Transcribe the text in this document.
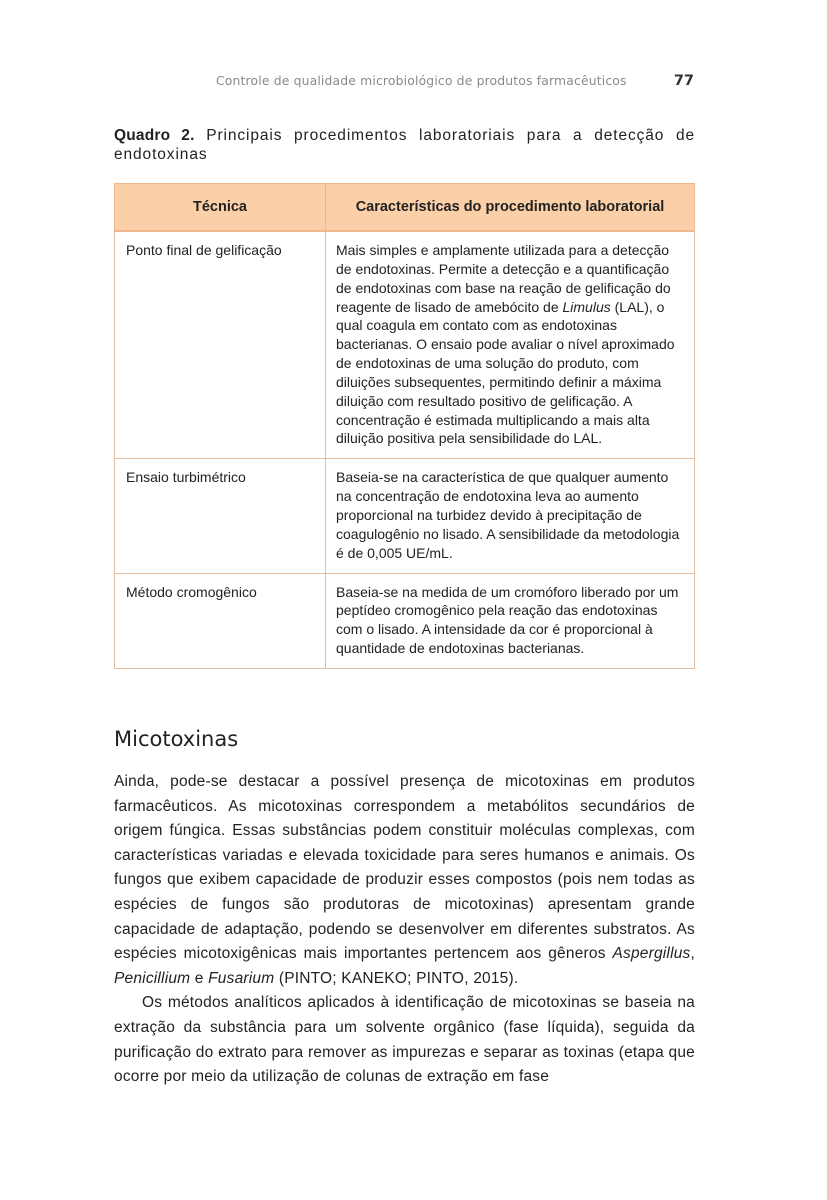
Controle de qualidade microbiológico de produtos farmacêuticos	77
Quadro 2. Principais procedimentos laboratoriais para a detecção de endotoxinas
Técnica	Características do procedimento laboratorial
Ponto final de gelificação	Mais simples e amplamente utilizada para a detecção de endotoxinas. Permite a detecção e a quantificação de endotoxinas com base na reação de gelificação do reagente de lisado de amebócito de Limulus (LAL), o qual coagula em contato com as endotoxinas bacterianas. O ensaio pode avaliar o nível aproximado de endotoxinas de uma solução do produto, com diluições subsequentes, permitindo definir a máxima diluição com resultado positivo de gelificação. A concentração é estimada multiplicando a mais alta diluição positiva pela sensibilidade do LAL.
Ensaio turbimétrico	Baseia-se na característica de que qualquer aumento na concentração de endotoxina leva ao aumento proporcional na turbidez devido à precipitação de coagulogênio no lisado. A sensibilidade da metodologia é de 0,005 UE/mL.
Método cromogênico	Baseia-se na medida de um cromóforo liberado por um peptídeo cromogênico pela reação das endotoxinas com o lisado. A intensidade da cor é proporcional à quantidade de endotoxinas bacterianas.
Micotoxinas

Ainda, pode-se destacar a possível presença de micotoxinas em produtos farmacêuticos. As micotoxinas correspondem a metabólitos secundários de origem fúngica. Essas substâncias podem constituir moléculas complexas, com características variadas e elevada toxicidade para seres humanos e animais. Os fungos que exibem capacidade de produzir esses compostos (pois nem todas as espécies de fungos são produtoras de micotoxinas) apresentam grande capacidade de adaptação, podendo se desenvolver em diferentes substratos. As espécies micotoxigênicas mais importantes pertencem aos gêneros Aspergillus, Penicillium e Fusarium (PINTO; KANEKO; PINTO, 2015).

Os métodos analíticos aplicados à identificação de micotoxinas se baseia na extração da substância para um solvente orgânico (fase líquida), seguida da purificação do extrato para remover as impurezas e separar as toxinas (etapa que ocorre por meio da utilização de colunas de extração em fase
